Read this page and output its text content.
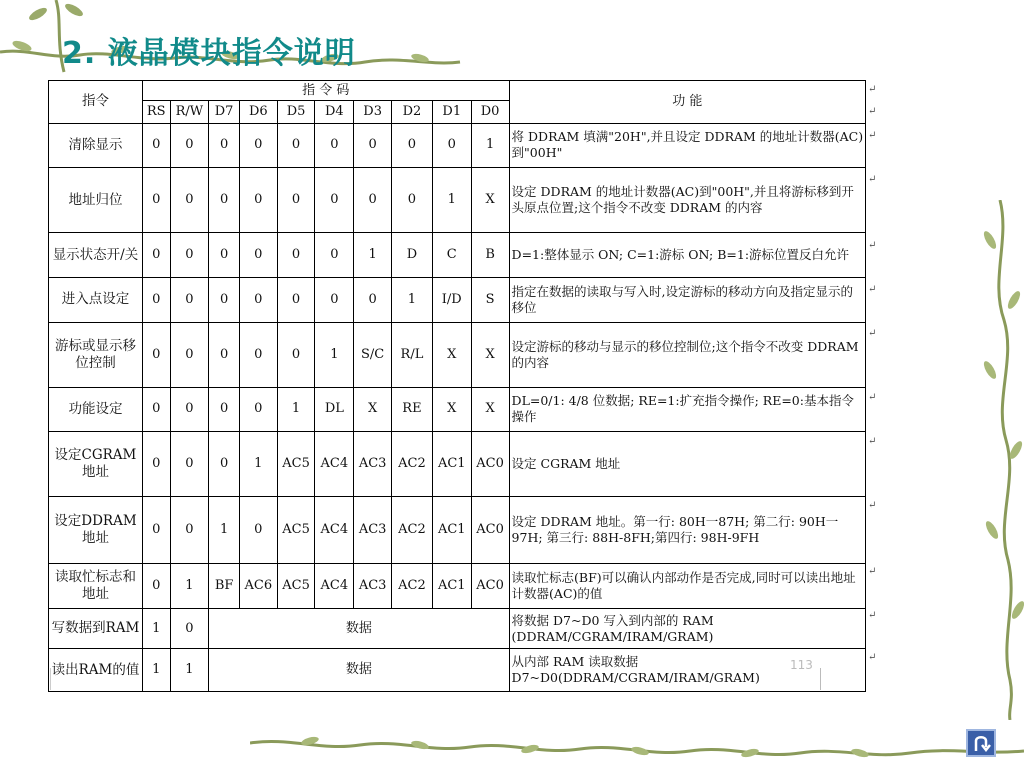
2. 液晶模块指令说明
指令	指 令 码										功 能
	RS	R/W	D7	D6	D5	D4	D3	D2	D1	D0	
清除显示	0	0	0	0	0	0	0	0	0	1	将 DDRAM 填满"20H",并且设定 DDRAM 的地址计数器(AC)到"00H"
地址归位	0	0	0	0	0	0	0	0	1	X	设定 DDRAM 的地址计数器(AC)到"00H",并且将游标移到开头原点位置;这个指令不改变 DDRAM 的内容
显示状态开/关	0	0	0	0	0	0	1	D	C	B	D=1:整体显示 ON; C=1:游标 ON; B=1:游标位置反白允许
进入点设定	0	0	0	0	0	0	0	1	I/D	S	指定在数据的读取与写入时,设定游标的移动方向及指定显示的移位
游标或显示移位控制	0	0	0	0	0	1	S/C	R/L	X	X	设定游标的移动与显示的移位控制位;这个指令不改变 DDRAM 的内容
功能设定	0	0	0	0	1	DL	X	RE	X	X	DL=0/1: 4/8 位数据; RE=1:扩充指令操作; RE=0:基本指令操作
设定CGRAM地址	0	0	0	1	AC5	AC4	AC3	AC2	AC1	AC0	设定 CGRAM 地址
设定DDRAM地址	0	0	1	0	AC5	AC4	AC3	AC2	AC1	AC0	设定 DDRAM 地址。第一行: 80H一87H; 第二行: 90H一97H; 第三行: 88H-8FH;第四行: 98H-9FH
读取忙标志和地址	0	1	BF	AC6	AC5	AC4	AC3	AC2	AC1	AC0	读取忙标志(BF)可以确认内部动作是否完成,同时可以读出地址计数器(AC)的值
写数据到RAM	1	0	数据								将数据 D7~D0 写入到内部的 RAM (DDRAM/CGRAM/IRAM/GRAM)
读出RAM的值	1	1	数据								从内部 RAM 读取数据 D7~D0(DDRAM/CGRAM/IRAM/GRAM)
↵
↵
↵
↵
↵
↵
↵
↵
↵
↵
↵
↵
↵
113
